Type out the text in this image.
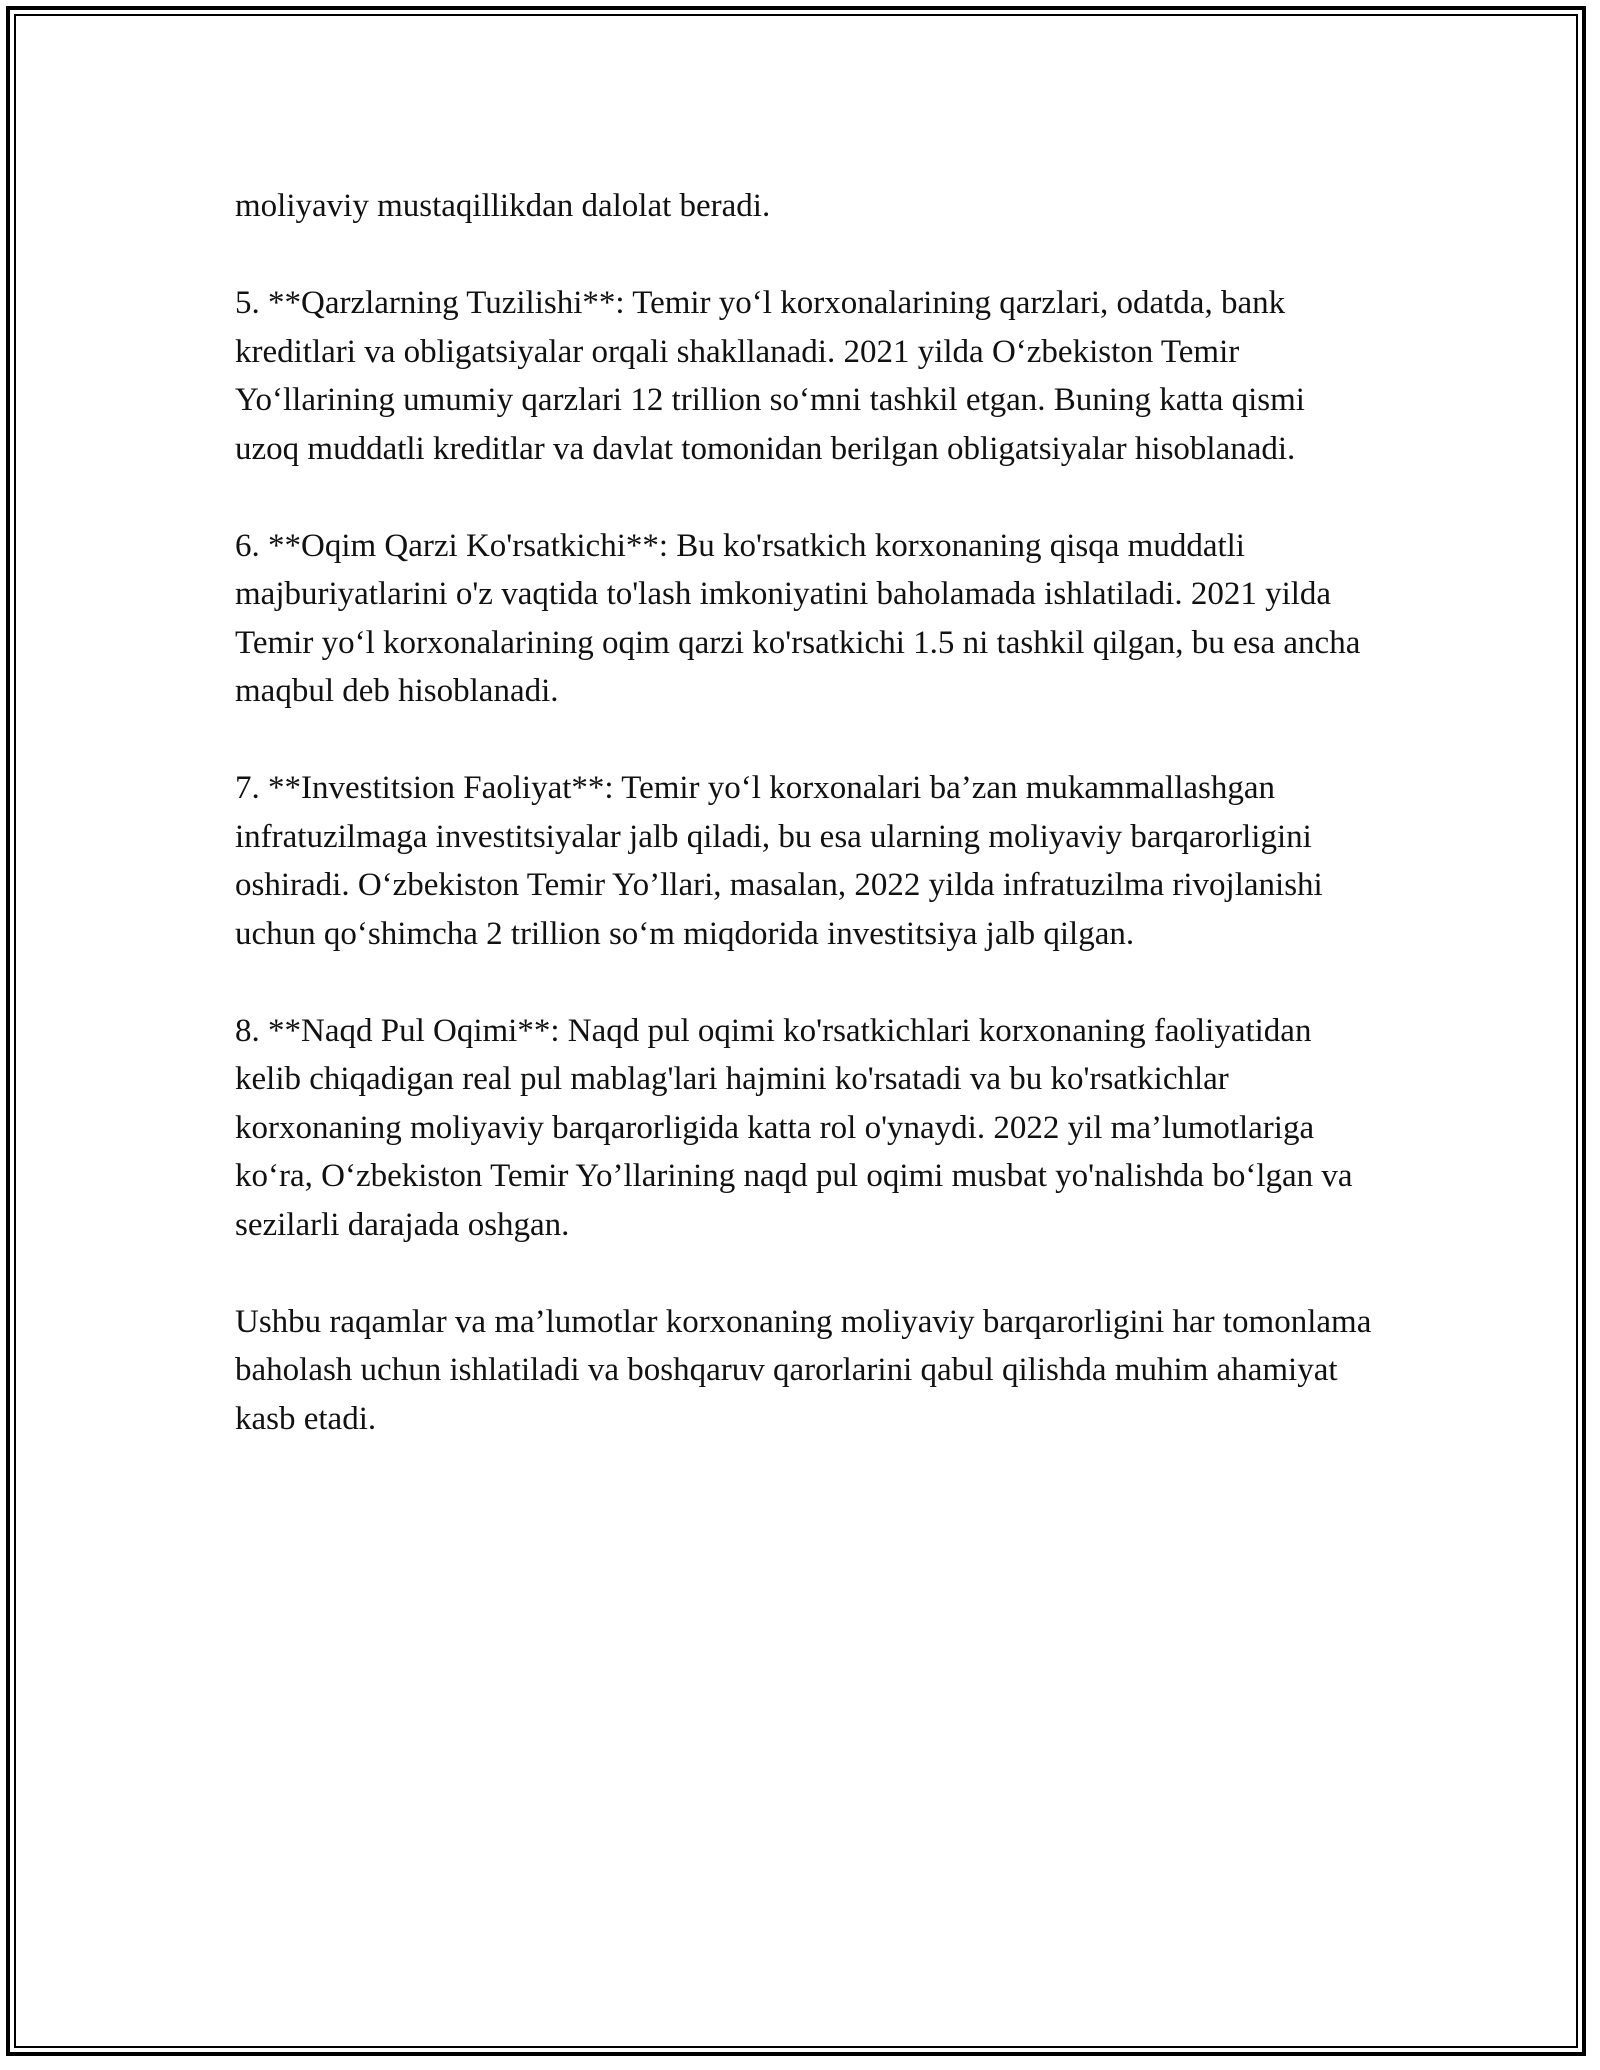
moliyaviy mustaqillikdan dalolat beradi.

5. **Qarzlarning Tuzilishi**: Temir yo‘l korxonalarining qarzlari, odatda, bank kreditlari va obligatsiyalar orqali shakllanadi. 2021 yilda O‘zbekiston Temir Yo‘llarining umumiy qarzlari 12 trillion so‘mni tashkil etgan. Buning katta qismi uzoq muddatli kreditlar va davlat tomonidan berilgan obligatsiyalar hisoblanadi.

6. **Oqim Qarzi Ko'rsatkichi**: Bu ko'rsatkich korxonaning qisqa muddatli majburiyatlarini o'z vaqtida to'lash imkoniyatini baholamada ishlatiladi. 2021 yilda Temir yo‘l korxonalarining oqim qarzi ko'rsatkichi 1.5 ni tashkil qilgan, bu esa ancha maqbul deb hisoblanadi.

7. **Investitsion Faoliyat**: Temir yo‘l korxonalari ba’zan mukammallashgan infratuzilmaga investitsiyalar jalb qiladi, bu esa ularning moliyaviy barqarorligini oshiradi. O‘zbekiston Temir Yo’llari, masalan, 2022 yilda infratuzilma rivojlanishi uchun qo‘shimcha 2 trillion so‘m miqdorida investitsiya jalb qilgan.

8. **Naqd Pul Oqimi**: Naqd pul oqimi ko'rsatkichlari korxonaning faoliyatidan kelib chiqadigan real pul mablag'lari hajmini ko'rsatadi va bu ko'rsatkichlar korxonaning moliyaviy barqarorligida katta rol o'ynaydi. 2022 yil ma’lumotlariga ko‘ra, O‘zbekiston Temir Yo’llarining naqd pul oqimi musbat yo'nalishda bo‘lgan va sezilarli darajada oshgan.

Ushbu raqamlar va ma’lumotlar korxonaning moliyaviy barqarorligini har tomonlama baholash uchun ishlatiladi va boshqaruv qarorlarini qabul qilishda muhim ahamiyat kasb etadi.
